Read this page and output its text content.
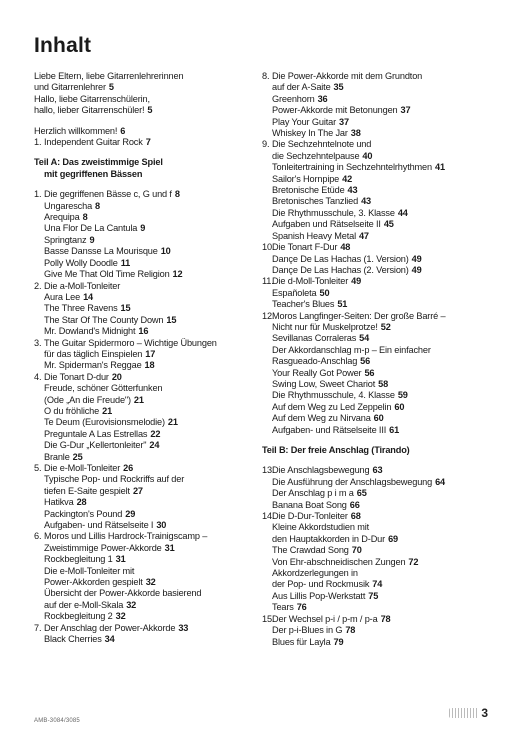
Inhalt
Liebe Eltern, liebe Gitarrenlehrerinnen
und Gitarrenlehrer 5
Hallo, liebe Gitarrenschülerin,
hallo, lieber Gitarrenschüler! 5
Herzlich willkommen! 6
1. Independent Guitar Rock 7
Teil A: Das zweistimmige Spiel
mit gegriffenen Bässen
1. Die gegriffenen Bässe c, G und f 8
Ungarescha 8
Arequipa 8
Una Flor De La Cantula 9
Springtanz 9
Basse Dansse La Mourisque 10
Polly Wolly Doodle 11
Give Me That Old Time Religion 12
2. Die a-Moll-Tonleiter
Aura Lee 14
The Three Ravens 15
The Star Of The County Down 15
Mr. Dowland's Midnight 16
3. The Guitar Spidermoro – Wichtige Übungen
für das täglich Einspielen 17
Mr. Spiderman's Reggae 18
4. Die Tonart D-dur 20
Freude, schöner Götterfunken
(Ode „An die Freude") 21
O du fröhliche 21
Te Deum (Eurovisionsmelodie) 21
Preguntale A Las Estrellas 22
Die G-Dur „Kellertonleiter" 24
Branle 25
5. Die e-Moll-Tonleiter 26
Typische Pop- und Rockriffs auf der
tiefen E-Saite gespielt 27
Hatikva 28
Packington's Pound 29
Aufgaben- und Rätselseite I 30
6. Moros und Lillis Hardrock-Trainigscamp –
Zweistimmige Power-Akkorde 31
Rockbegleitung 1 31
Die e-Moll-Tonleiter mit
Power-Akkorden gespielt 32
Übersicht der Power-Akkorde basierend
auf der e-Moll-Skala 32
Rockbegleitung 2 32
7. Der Anschlag der Power-Akkorde 33
Black Cherries 34
8. Die Power-Akkorde mit dem Grundton
auf der A-Saite 35
Greenhorn 36
Power-Akkorde mit Betonungen 37
Play Your Guitar 37
Whiskey In The Jar 38
9. Die Sechzehntelnote und
die Sechzehntelpause 40
Tonleitertraining in Sechzehntelrhythmen 41
Sailor's Hornpipe 42
Bretonische Etüde 43
Bretonisches Tanzlied 43
Die Rhythmusschule, 3. Klasse 44
Aufgaben und Rätselseite II 45
Spanish Heavy Metal 47
10.Die Tonart F-Dur 48
Dançe De Las Hachas (1. Version) 49
Dançe De Las Hachas (2. Version) 49
11.Die d-Moll-Tonleiter 49
Españoleta 50
Teacher's Blues 51
12.Moros Langfinger-Seiten: Der große Barré –
Nicht nur für Muskelprotze! 52
Sevillanas Corraleras 54
Der Akkordanschlag m-p – Ein einfacher
Rasgueado-Anschlag 56
Your Really Got Power 56
Swing Low, Sweet Chariot 58
Die Rhythmusschule, 4. Klasse 59
Auf dem Weg zu Led Zeppelin 60
Auf dem Weg zu Nirvana 60
Aufgaben- und Rätselseite III 61
Teil B: Der freie Anschlag (Tirando)
13.Die Anschlagsbewegung 63
Die Ausführung der Anschlagsbewegung 64
Der Anschlag p i m a 65
Banana Boat Song 66
14.Die D-Dur-Tonleiter 68
Kleine Akkordstudien mit
den Hauptakkorden in D-Dur 69
The Crawdad Song 70
Von Ehr-abschneidischen Zungen 72
Akkordzerlegungen in
der Pop- und Rockmusik 74
Aus Lillis Pop-Werkstatt 75
Tears 76
15.Der Wechsel p-i / p-m / p-a 78
Der p-i-Blues in G 78
Blues für Layla 79
AMB-3084/3085
3
